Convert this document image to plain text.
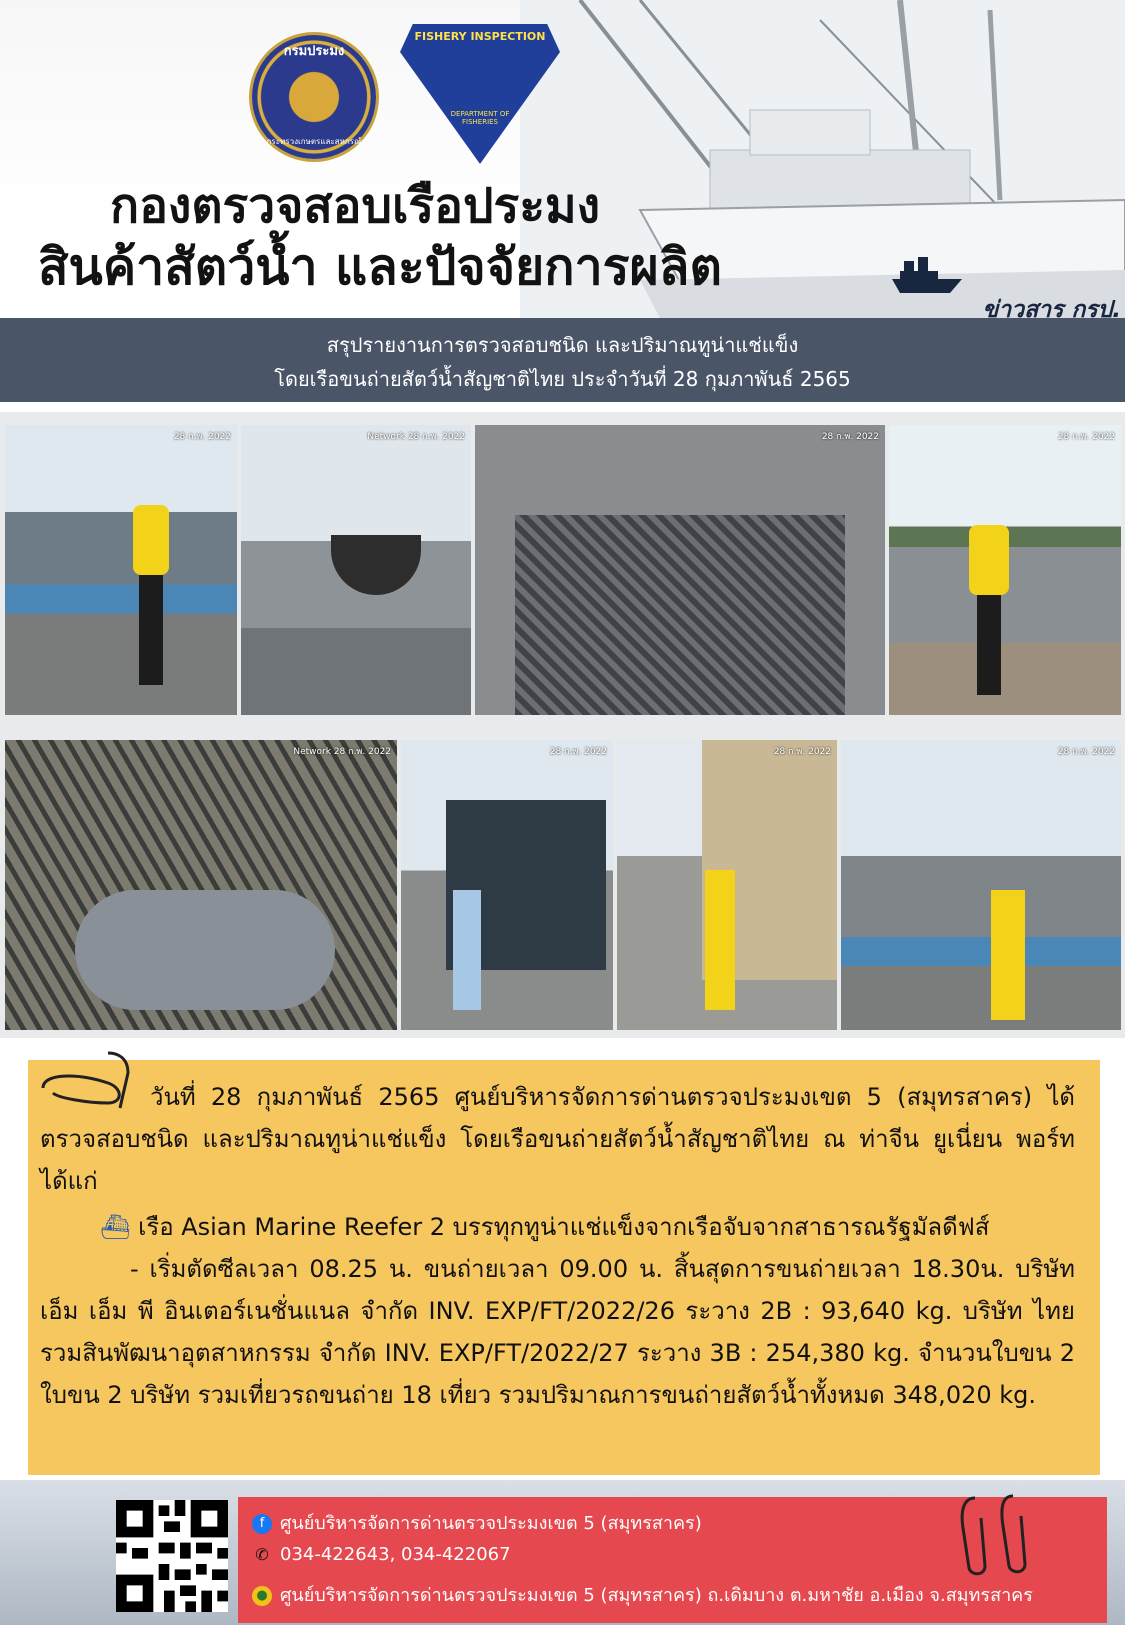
กรมประมง
กระทรวงเกษตรและสหกรณ์
FISHERY INSPECTION
DEPARTMENT OF FISHERIES
กองตรวจสอบเรือประมง
สินค้าสัตว์น้ำ และปัจจัยการผลิต
ข่าวสาร กรป.
สรุปรายงานการตรวจสอบชนิด และปริมาณทูน่าแช่แข็ง
โดยเรือขนถ่ายสัตว์น้ำสัญชาติไทย ประจำวันที่ 28 กุมภาพันธ์ 2565
28 ก.พ. 2022	Network 28 ก.พ. 2022	28 ก.พ. 2022	28 ก.พ. 2022
Network 28 ก.พ. 2022	28 ก.พ. 2022	28 ก.พ. 2022	28 ก.พ. 2022
วันที่ 28 กุมภาพันธ์ 2565 ศูนย์บริหารจัดการด่านตรวจประมงเขต 5 (สมุทรสาคร) ได้ตรวจสอบชนิด และปริมาณทูน่าแช่แข็ง โดยเรือขนถ่ายสัตว์น้ำสัญชาติไทย ณ ท่าจีน ยูเนี่ยน พอร์ท ได้แก่
⛴ เรือ Asian Marine Reefer 2 บรรทุกทูน่าแช่แข็งจากเรือจับจากสาธารณรัฐมัลดีฟส์
- เริ่มตัดซีลเวลา 08.25 น. ขนถ่ายเวลา 09.00 น. สิ้นสุดการขนถ่ายเวลา 18.30น. บริษัท เอ็ม เอ็ม พี อินเตอร์เนชั่นแนล จำกัด INV. EXP/FT/2022/26 ระวาง 2B : 93,640 kg. บริษัท ไทยรวมสินพัฒนาอุตสาหกรรม จำกัด INV. EXP/FT/2022/27 ระวาง 3B : 254,380 kg. จำนวนใบขน 2 ใบขน 2 บริษัท รวมเที่ยวรถขนถ่าย 18 เที่ยว รวมปริมาณการขนถ่ายสัตว์น้ำทั้งหมด 348,020 kg.
f ศูนย์บริหารจัดการด่านตรวจประมงเขต 5 (สมุทรสาคร)
✆ 034-422643, 034-422067
● ศูนย์บริหารจัดการด่านตรวจประมงเขต 5 (สมุทรสาคร) ถ.เดิมบาง ต.มหาชัย อ.เมือง จ.สมุทรสาคร
